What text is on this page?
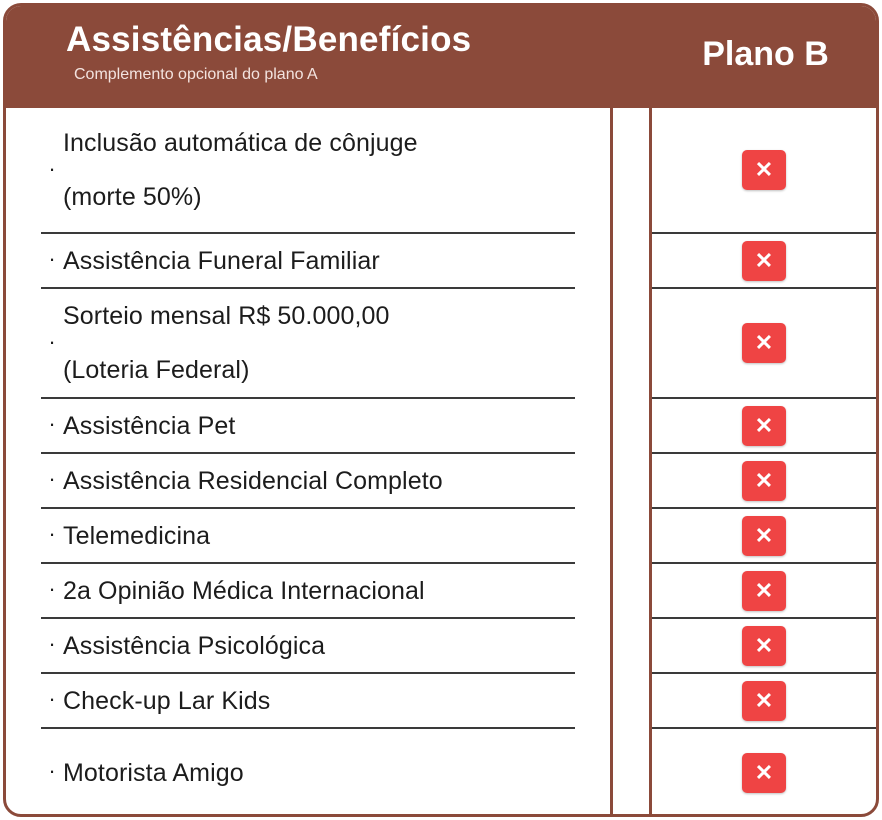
Assistências/Benefícios
Complemento opcional do plano A
Plano B
·
Inclusão automática de cônjuge
(morte 50%)
· Assistência Funeral Familiar
·
Sorteio mensal R$ 50.000,00
(Loteria Federal)
· Assistência Pet
· Assistência Residencial Completo
· Telemedicina
· 2a Opinião Médica Internacional
· Assistência Psicológica
· Check-up Lar Kids
· Motorista Amigo
✕
✕
✕
✕
✕
✕
✕
✕
✕
✕
